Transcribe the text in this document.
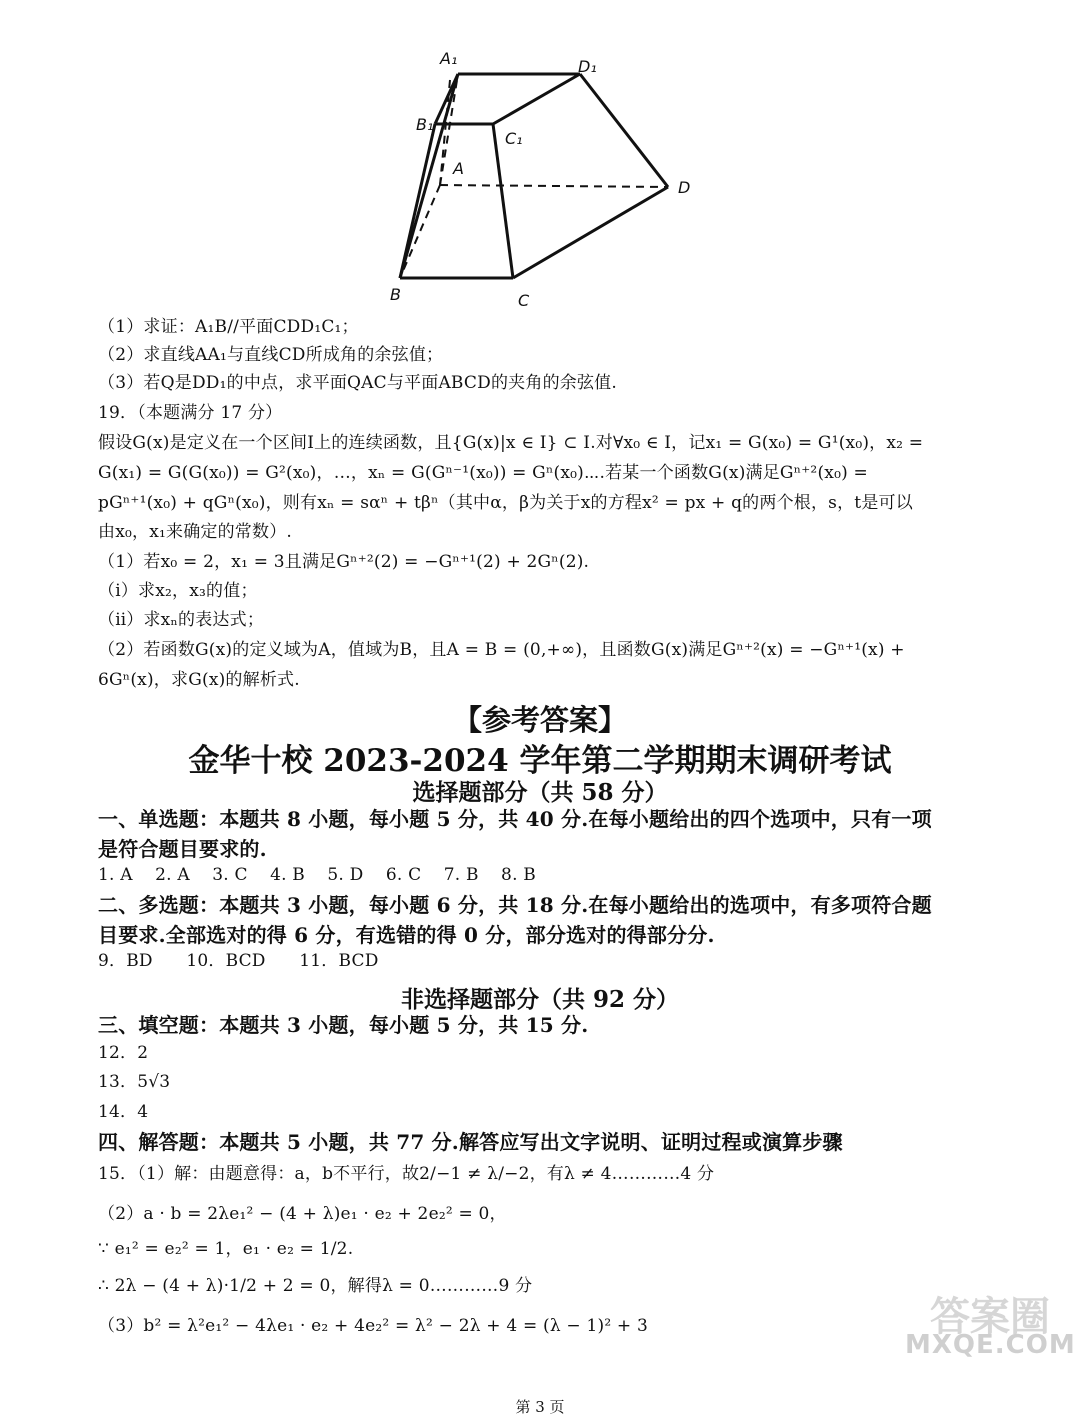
A₁	D₁
B₁
C₁
A
D
B	C
（1）求证：A₁B//平面CDD₁C₁；
（2）求直线AA₁与直线CD所成角的余弦值；
（3）若Q是DD₁的中点，求平面QAC与平面ABCD的夹角的余弦值.
19．（本题满分 17 分）
假设G(x)是定义在一个区间I上的连续函数，且{G(x)|x ∈ I} ⊂ I.对∀x₀ ∈ I，记x₁ = G(x₀) = G¹(x₀)，x₂ =
G(x₁) = G(G(x₀)) = G²(x₀)，…，xₙ = G(Gⁿ⁻¹(x₀)) = Gⁿ(x₀)⋯.若某一个函数G(x)满足Gⁿ⁺²(x₀) =
pGⁿ⁺¹(x₀) + qGⁿ(x₀)，则有xₙ = sαⁿ + tβⁿ（其中α，β为关于x的方程x² = px + q的两个根，s，t是可以
由x₀，x₁来确定的常数）.
（1）若x₀ = 2，x₁ = 3且满足Gⁿ⁺²(2) = −Gⁿ⁺¹(2) + 2Gⁿ(2).
（ⅰ）求x₂，x₃的值；
（ⅱ）求xₙ的表达式；
（2）若函数G(x)的定义域为A，值域为B，且A = B = (0,+∞)，且函数G(x)满足Gⁿ⁺²(x) = −Gⁿ⁺¹(x) +
6Gⁿ(x)，求G(x)的解析式.
【参考答案】
金华十校 2023-2024 学年第二学期期末调研考试
选择题部分（共 58 分）
一、单选题：本题共 8 小题，每小题 5 分，共 40 分.在每小题给出的四个选项中，只有一项
是符合题目要求的.
1. A    2. A    3. C    4. B    5. D    6. C    7. B    8. B
二、多选题：本题共 3 小题，每小题 6 分，共 18 分.在每小题给出的选项中，有多项符合题
目要求.全部选对的得 6 分，有选错的得 0 分，部分选对的得部分分.
9．BD      10．BCD      11．BCD
非选择题部分（共 92 分）
三、填空题：本题共 3 小题，每小题 5 分，共 15 分.
12．2
13．5√3
14．4
四、解答题：本题共 5 小题，共 77 分.解答应写出文字说明、证明过程或演算步骤
15．（1）解：由题意得：a，b不平行，故2/−1 ≠ λ/−2，有λ ≠ 4…………4 分
（2）a · b = 2λe₁² − (4 + λ)e₁ · e₂ + 2e₂² = 0，
∵ e₁² = e₂² = 1，e₁ · e₂ = 1/2.
∴ 2λ − (4 + λ)·1/2 + 2 = 0，解得λ = 0…………9 分
（3）b² = λ²e₁² − 4λe₁ · e₂ + 4e₂² = λ² − 2λ + 4 = (λ − 1)² + 3	答案圈
MXQE.COM
第 3 页
